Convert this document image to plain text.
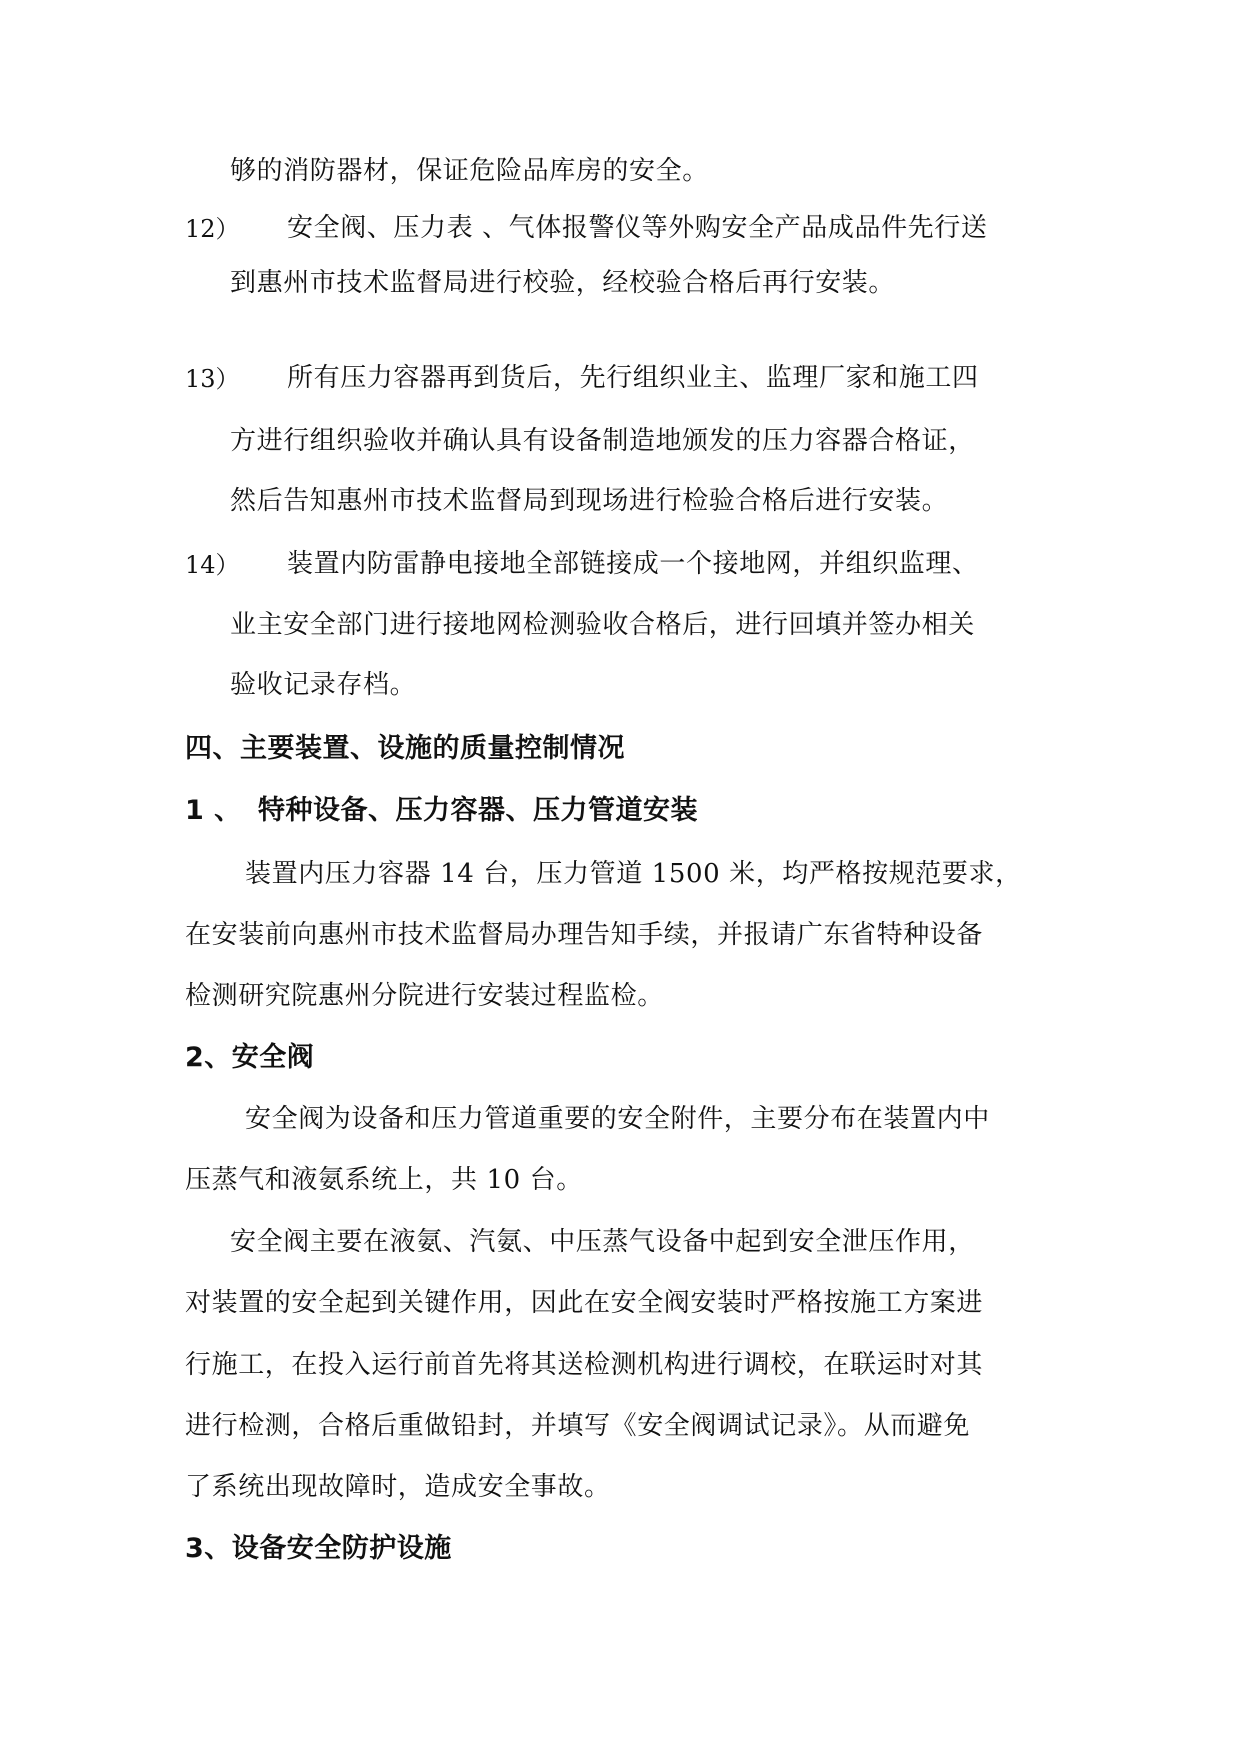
够的消防器材，保证危险品库房的安全。
12） 安全阀、压力表 、气体报警仪等外购安全产品成品件先行送
到惠州市技术监督局进行校验，经校验合格后再行安装。
13） 所有压力容器再到货后，先行组织业主、监理厂家和施工四
方进行组织验收并确认具有设备制造地颁发的压力容器合格证，
然后告知惠州市技术监督局到现场进行检验合格后进行安装。
14） 装置内防雷静电接地全部链接成一个接地网，并组织监理、
业主安全部门进行接地网检测验收合格后，进行回填并签办相关
验收记录存档。
四、主要装置、设施的质量控制情况
1 、 特种设备、压力容器、压力管道安装
装置内压力容器 14 台，压力管道 1500 米，均严格按规范要求，
在安装前向惠州市技术监督局办理告知手续，并报请广东省特种设备
检测研究院惠州分院进行安装过程监检。
2、安全阀
安全阀为设备和压力管道重要的安全附件，主要分布在装置内中
压蒸气和液氨系统上，共 10 台。
安全阀主要在液氨、汽氨、中压蒸气设备中起到安全泄压作用，
对装置的安全起到关键作用，因此在安全阀安装时严格按施工方案进
行施工，在投入运行前首先将其送检测机构进行调校，在联运时对其
进行检测，合格后重做铅封，并填写《安全阀调试记录》。从而避免
了系统出现故障时，造成安全事故。
3、设备安全防护设施
